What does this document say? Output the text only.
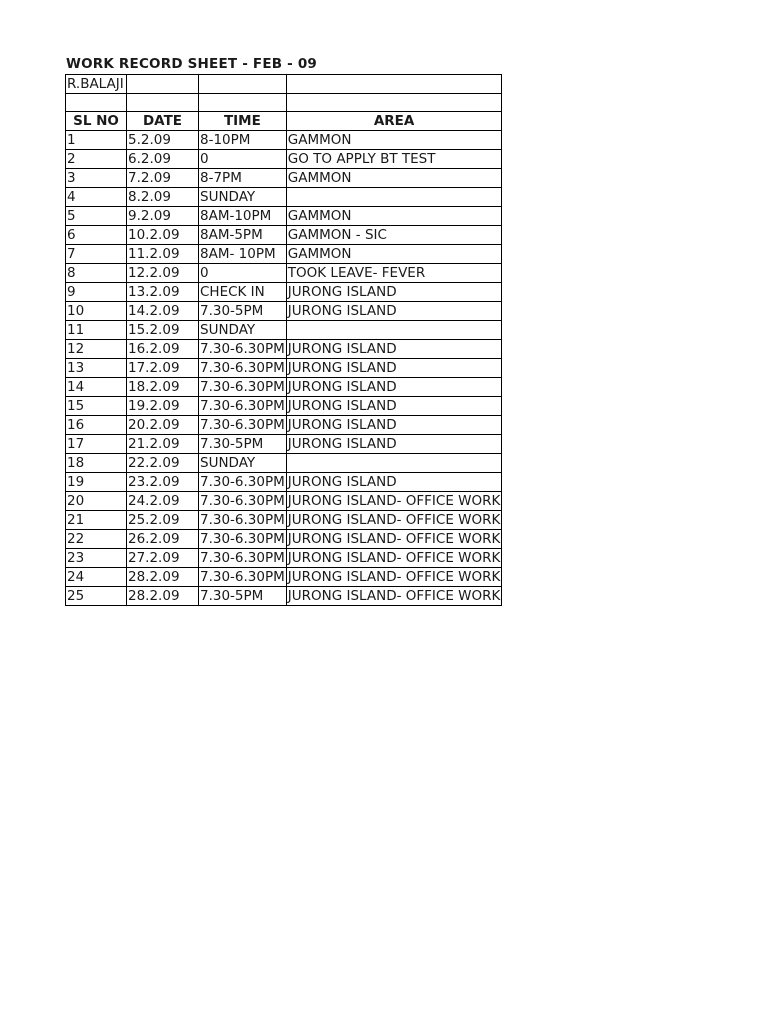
WORK RECORD SHEET - FEB - 09
R.BALAJI			

SL NO	DATE	TIME	AREA
1	5.2.09	8-10PM	GAMMON
2	6.2.09	0	GO TO APPLY BT TEST
3	7.2.09	8-7PM	GAMMON
4	8.2.09	SUNDAY	

5	9.2.09	8AM-10PM	GAMMON
6	10.2.09	8AM-5PM	GAMMON - SIC
7	11.2.09	8AM- 10PM	GAMMON
8	12.2.09	0	TOOK LEAVE- FEVER
9	13.2.09	CHECK IN	JURONG ISLAND
10	14.2.09	7.30-5PM	JURONG ISLAND
11	15.2.09	SUNDAY	

12	16.2.09	7.30-6.30PM	JURONG ISLAND
13	17.2.09	7.30-6.30PM	JURONG ISLAND
14	18.2.09	7.30-6.30PM	JURONG ISLAND
15	19.2.09	7.30-6.30PM	JURONG ISLAND
16	20.2.09	7.30-6.30PM	JURONG ISLAND
17	21.2.09	7.30-5PM	JURONG ISLAND
18	22.2.09	SUNDAY	

19	23.2.09	7.30-6.30PM	JURONG ISLAND
20	24.2.09	7.30-6.30PM	JURONG ISLAND- OFFICE WORK
21	25.2.09	7.30-6.30PM	JURONG ISLAND- OFFICE WORK
22	26.2.09	7.30-6.30PM	JURONG ISLAND- OFFICE WORK
23	27.2.09	7.30-6.30PM	JURONG ISLAND- OFFICE WORK
24	28.2.09	7.30-6.30PM	JURONG ISLAND- OFFICE WORK
25	28.2.09	7.30-5PM	JURONG ISLAND- OFFICE WORK
